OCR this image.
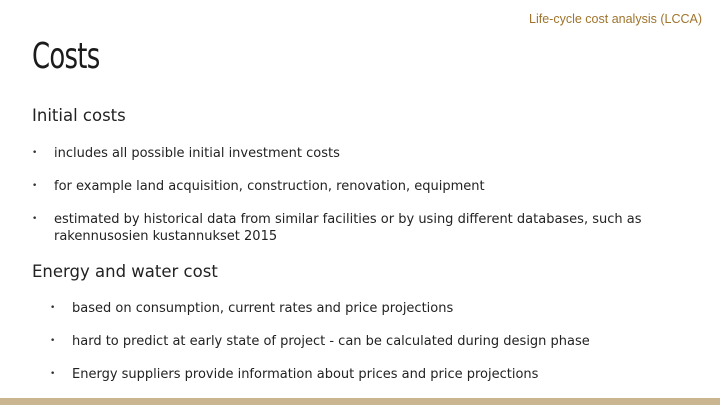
Life-cycle cost analysis (LCCA)
Costs
Initial costs
• includes all possible initial investment costs
• for example land acquisition, construction, renovation, equipment
• estimated by historical data from similar facilities or by using different databases, such as rakennusosien kustannukset 2015
Energy and water cost
• based on consumption, current rates and price projections
• hard to predict at early state of project - can be calculated during design phase
• Energy suppliers provide information about prices and price projections
